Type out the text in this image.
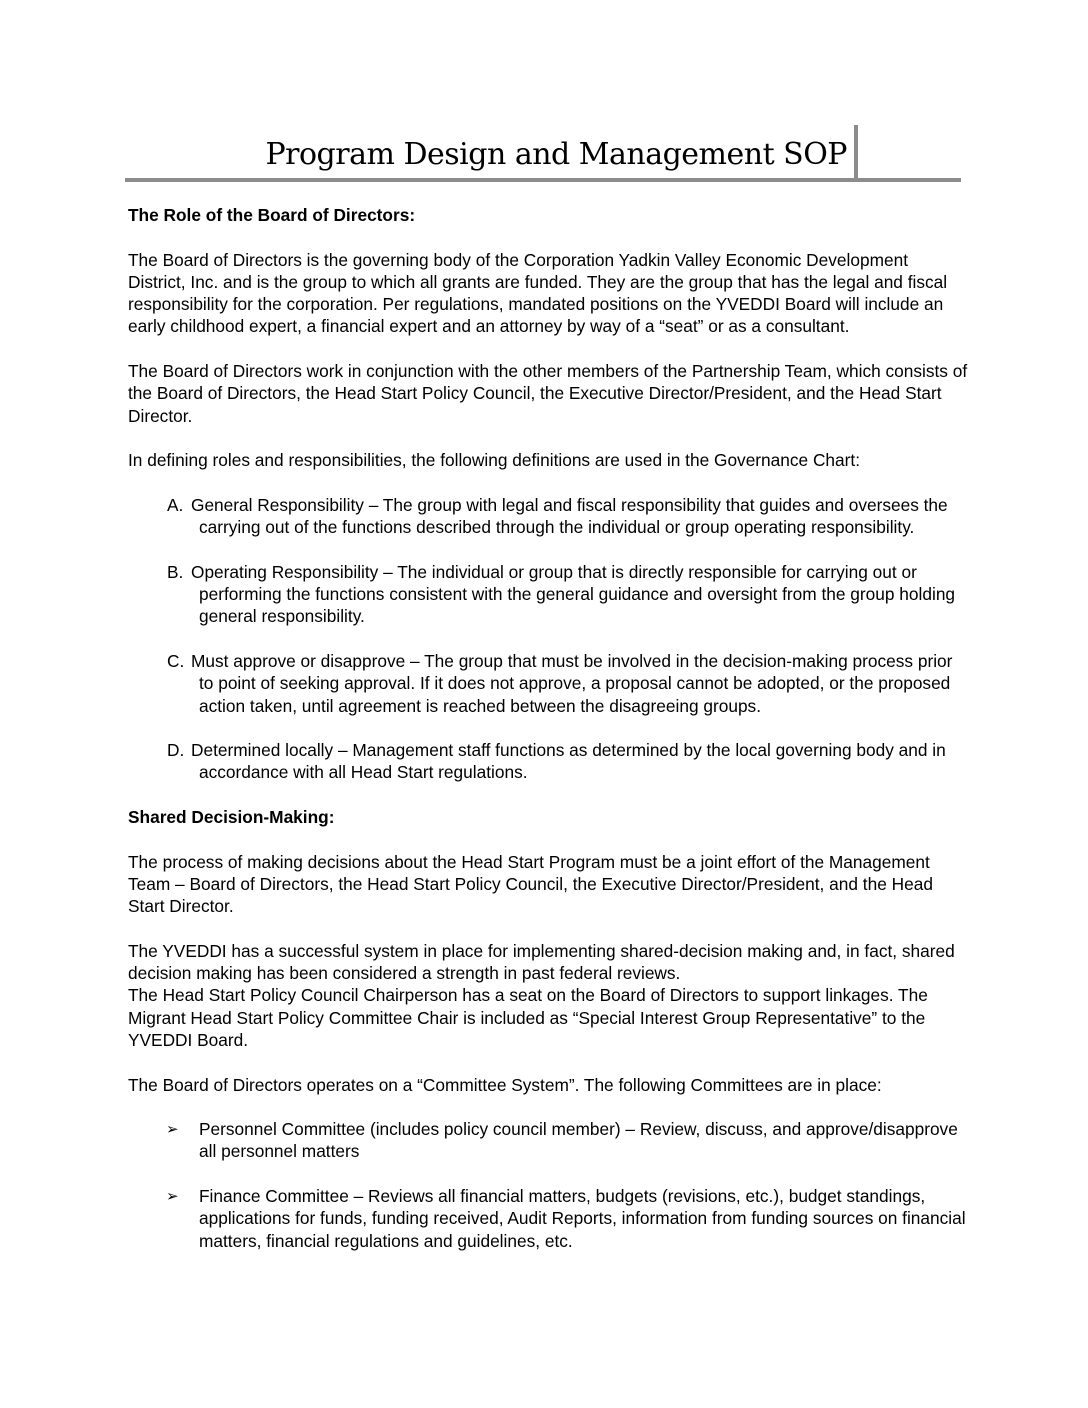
Program Design and Management SOP
The Role of the Board of Directors:

The Board of Directors is the governing body of the Corporation Yadkin Valley Economic Development District, Inc. and is the group to which all grants are funded. They are the group that has the legal and fiscal responsibility for the corporation. Per regulations, mandated positions on the YVEDDI Board will include an early childhood expert, a financial expert and an attorney by way of a “seat” or as a consultant.

The Board of Directors work in conjunction with the other members of the Partnership Team, which consists of the Board of Directors, the Head Start Policy Council, the Executive Director/President, and the Head Start Director.

In defining roles and responsibilities, the following definitions are used in the Governance Chart:

A. General Responsibility – The group with legal and fiscal responsibility that guides and oversees the carrying out of the functions described through the individual or group operating responsibility.
B. Operating Responsibility – The individual or group that is directly responsible for carrying out or performing the functions consistent with the general guidance and oversight from the group holding general responsibility.
C. Must approve or disapprove – The group that must be involved in the decision-making process prior to point of seeking approval. If it does not approve, a proposal cannot be adopted, or the proposed action taken, until agreement is reached between the disagreeing groups.
D. Determined locally – Management staff functions as determined by the local governing body and in accordance with all Head Start regulations.
Shared Decision-Making:

The process of making decisions about the Head Start Program must be a joint effort of the Management Team – Board of Directors, the Head Start Policy Council, the Executive Director/President, and the Head Start Director.

The YVEDDI has a successful system in place for implementing shared-decision making and, in fact, shared decision making has been considered a strength in past federal reviews.

The Head Start Policy Council Chairperson has a seat on the Board of Directors to support linkages. The Migrant Head Start Policy Committee Chair is included as “Special Interest Group Representative” to the YVEDDI Board.

The Board of Directors operates on a “Committee System”. The following Committees are in place:

➢ Personnel Committee (includes policy council member) – Review, discuss, and approve/disapprove all personnel matters
➢ Finance Committee – Reviews all financial matters, budgets (revisions, etc.), budget standings, applications for funds, funding received, Audit Reports, information from funding sources on financial matters, financial regulations and guidelines, etc.
